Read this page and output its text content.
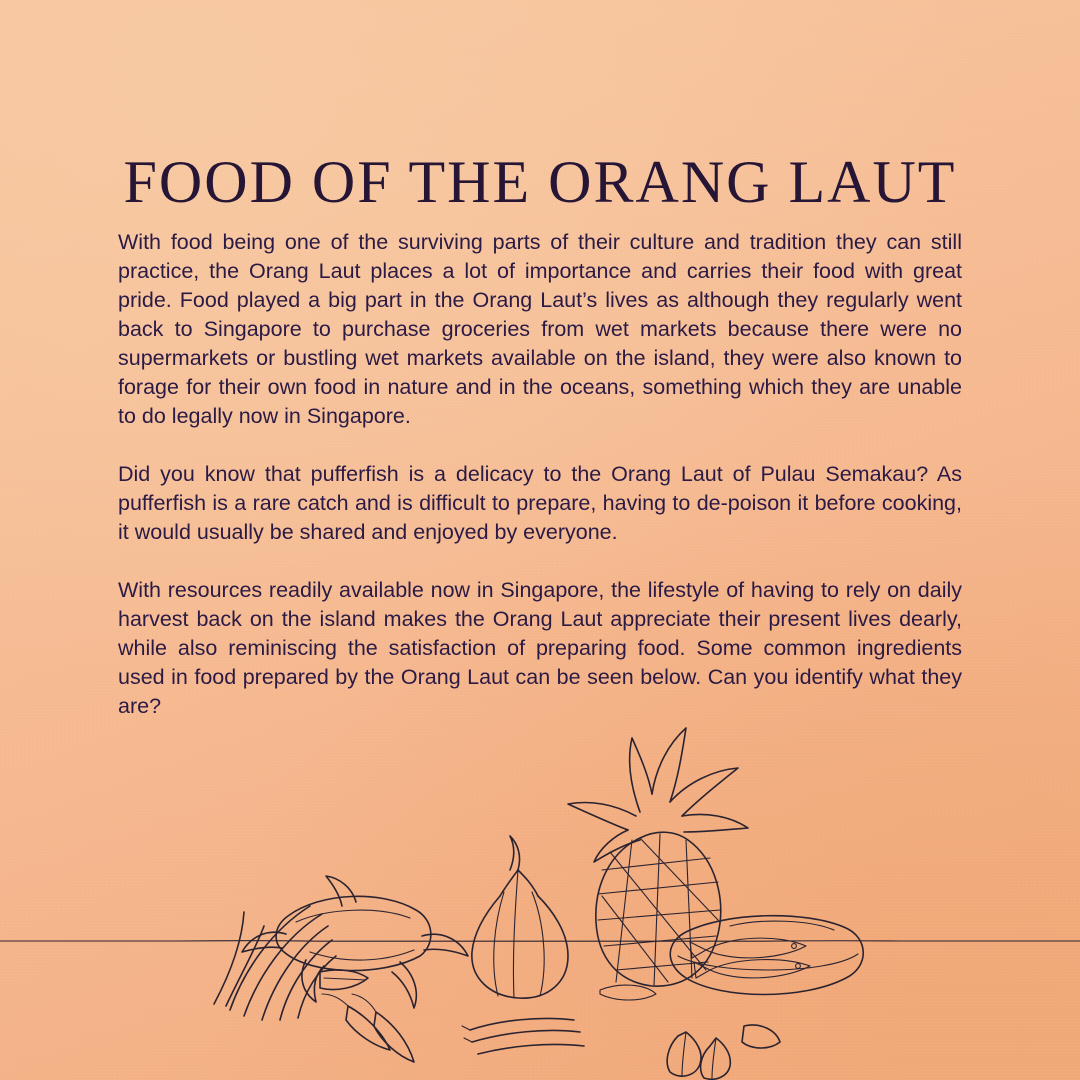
FOOD OF THE ORANG LAUT

With food being one of the surviving parts of their culture and tradition they can still practice, the Orang Laut places a lot of importance and carries their food with great pride. Food played a big part in the Orang Laut’s lives as although they regularly went back to Singapore to purchase groceries from wet markets because there were no supermarkets or bustling wet markets available on the island, they were also known to forage for their own food in nature and in the oceans, something which they are unable to do legally now in Singapore.

Did you know that pufferfish is a delicacy to the Orang Laut of Pulau Semakau? As pufferfish is a rare catch and is difficult to prepare, having to de-poison it before cooking, it would usually be shared and enjoyed by everyone.

With resources readily available now in Singapore, the lifestyle of having to rely on daily harvest back on the island makes the Orang Laut appreciate their present lives dearly, while also reminiscing the satisfaction of preparing food. Some common ingredients used in food prepared by the Orang Laut can be seen below. Can you identify what they are?
